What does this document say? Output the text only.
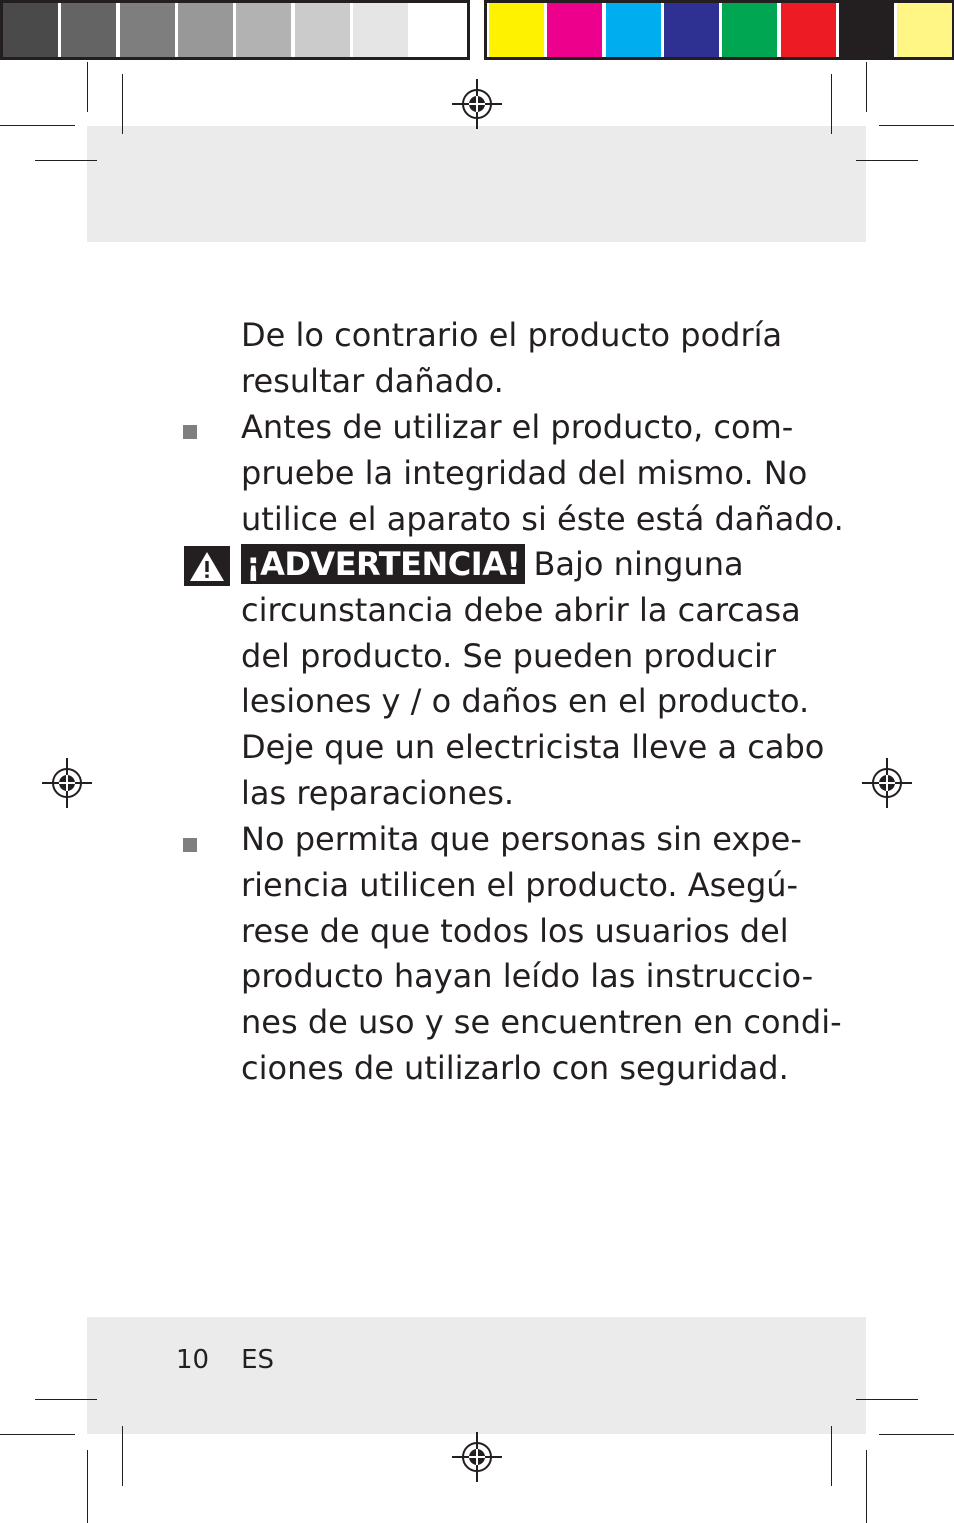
De lo contrario el producto podría
resultar dañado.
Antes de utilizar el producto, com-
pruebe la integridad del mismo. No
utilice el aparato si éste está dañado.
¡ADVERTENCIA! Bajo ninguna
circunstancia debe abrir la carcasa
del producto. Se pueden producir
lesiones y / o daños en el producto.
Deje que un electricista lleve a cabo
las reparaciones.
No permita que personas sin expe-
riencia utilicen el producto. Asegú-
rese de que todos los usuarios del
producto hayan leído las instruccio-
nes de uso y se encuentren en condi-
ciones de utilizarlo con seguridad.
10 ES
